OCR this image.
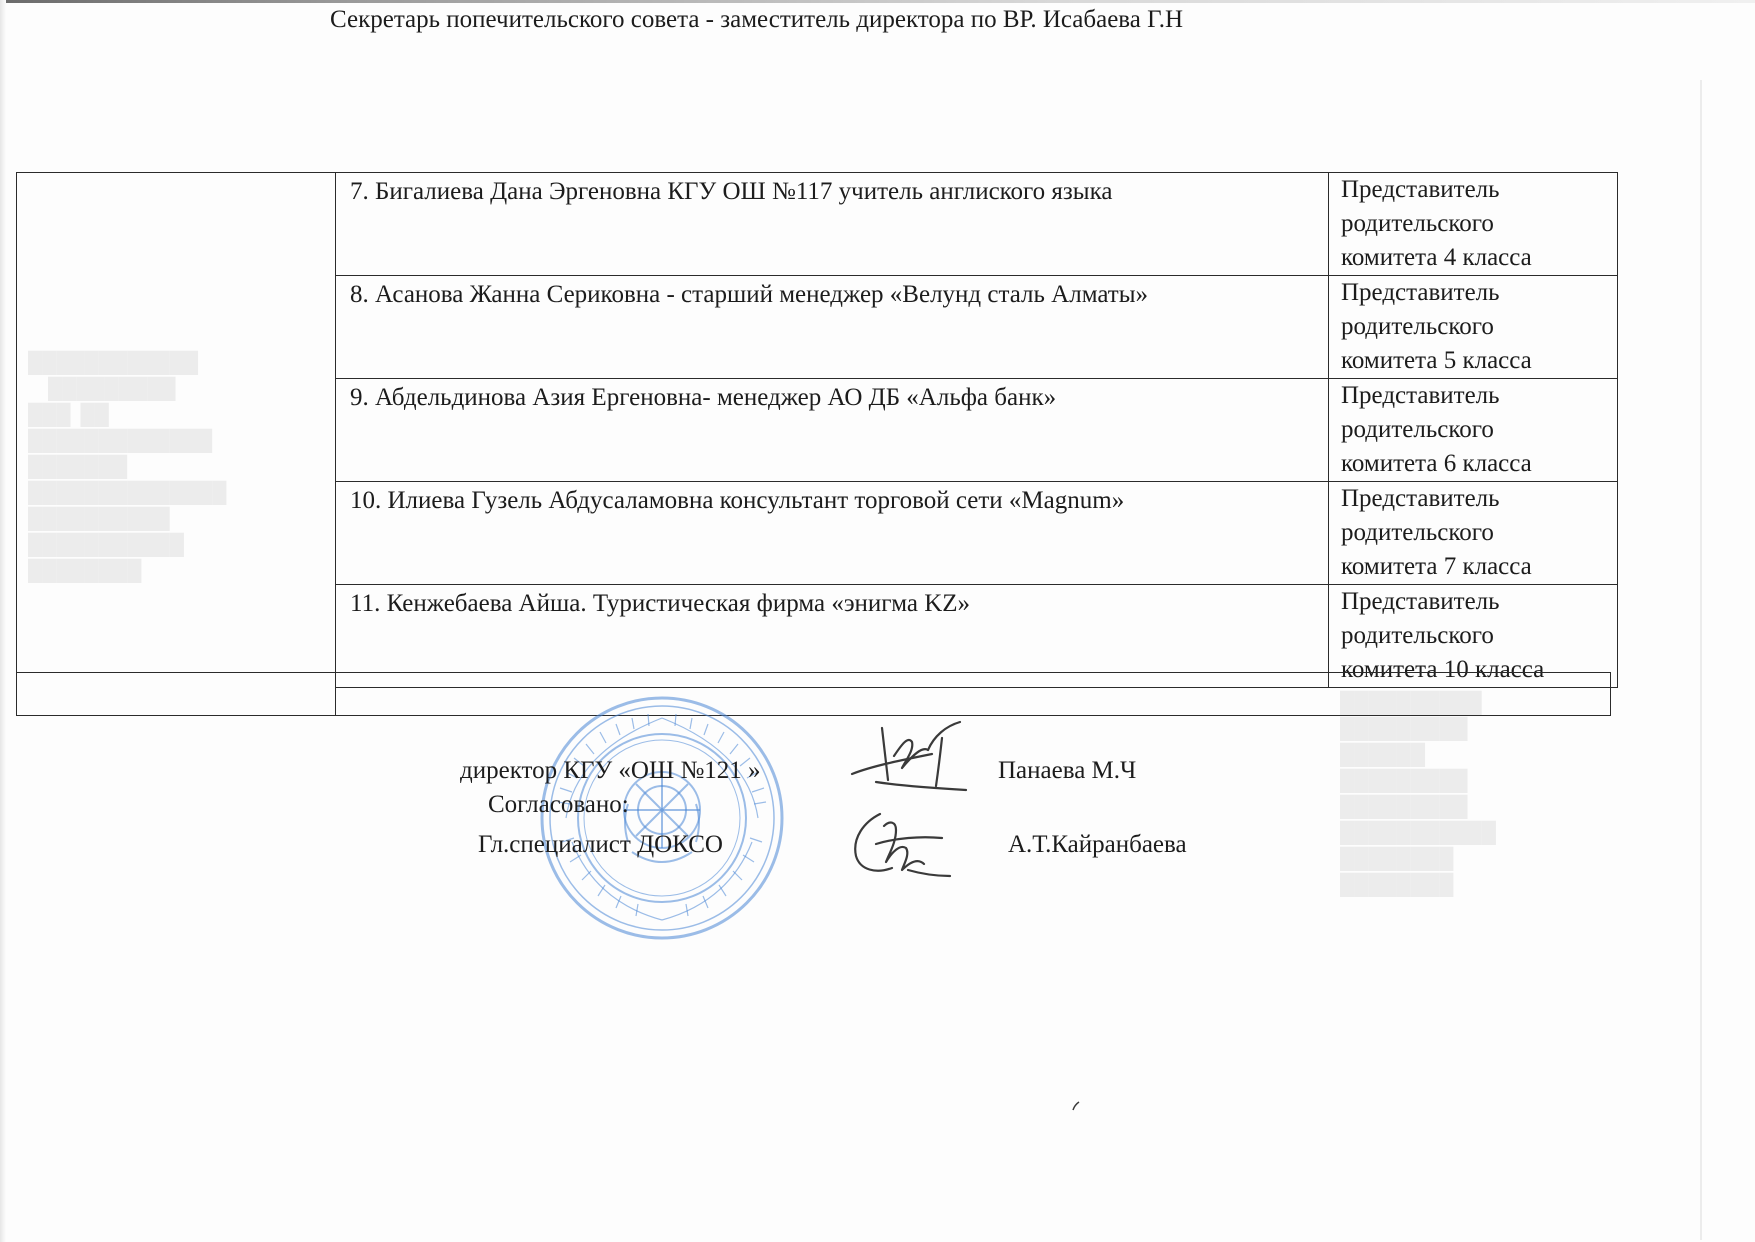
████████████
█████████
███  ██
█████████████
███████
██████████████
██████████
███████████
████████
██████████
█████████
██████
█████████
█████████
███████████
████████
████████

	7. Бигалиева Дана Эргеновна КГУ ОШ №117 учитель англиского языка	Представитель
родительского
комитета 4 класса

	8. Асанова Жанна Сериковна - старший менеджер «Велунд сталь Алматы»	Представитель
родительского
комитета 5 класса

	9. Абдельдинова Азия Ергеновна- менеджер АО ДБ «Альфа банк»	Представитель
родительского
комитета 6 класса

	10. Илиева Гузель Абдусаламовна консультант торговой сети «Magnum»	Представитель
родительского
комитета 7 класса

	11. Кенжебаева Айша. Туристическая фирма «энигма KZ»	Представитель
родительского
комитета 10 класса
Секретарь попечительского совета - заместитель директора по ВР. Исабаева Г.Н
директор КГУ «ОШ №121 »	Панаева М.Ч
Согласовано:
Гл.специалист ДОКСО	А.Т.Кайранбаева
